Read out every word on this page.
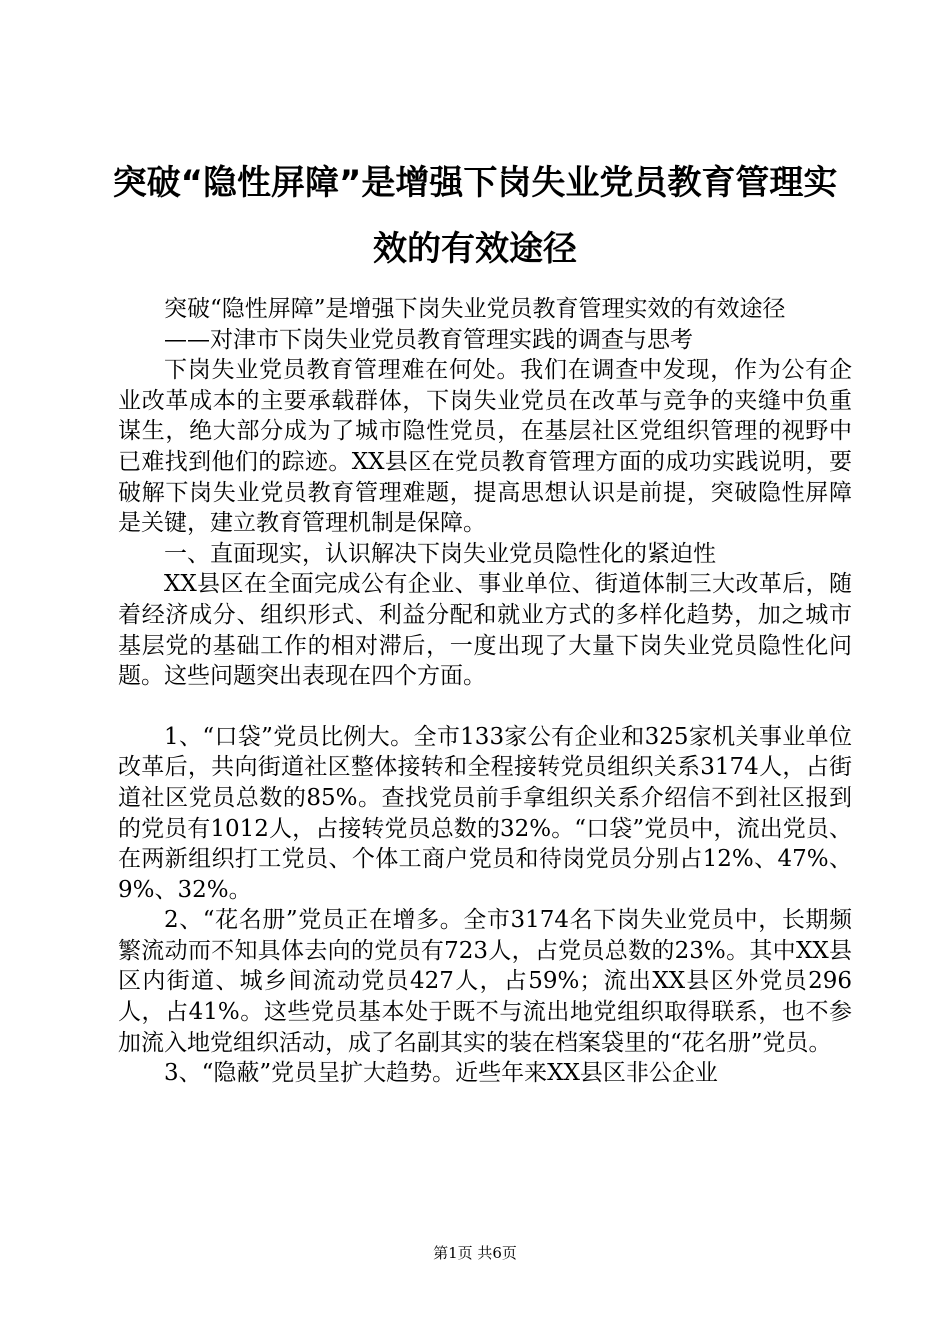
突破“隐性屏障”是增强下岗失业党员教育管理实效的有效途径

突破“隐性屏障”是增强下岗失业党员教育管理实效的有效途径

——对津市下岗失业党员教育管理实践的调查与思考

下岗失业党员教育管理难在何处。我们在调查中发现，作为公有企业改革成本的主要承载群体，下岗失业党员在改革与竞争的夹缝中负重谋生，绝大部分成为了城市隐性党员，在基层社区党组织管理的视野中已难找到他们的踪迹。XX县区在党员教育管理方面的成功实践说明，要破解下岗失业党员教育管理难题，提高思想认识是前提，突破隐性屏障是关键，建立教育管理机制是保障。

一、直面现实，认识解决下岗失业党员隐性化的紧迫性

XX县区在全面完成公有企业、事业单位、街道体制三大改革后，随着经济成分、组织形式、利益分配和就业方式的多样化趋势，加之城市基层党的基础工作的相对滞后，一度出现了大量下岗失业党员隐性化问题。这些问题突出表现在四个方面。

1、“口袋”党员比例大。全市133家公有企业和325家机关事业单位改革后，共向街道社区整体接转和全程接转党员组织关系3174人，占街道社区党员总数的85%。查找党员前手拿组织关系介绍信不到社区报到的党员有1012人，占接转党员总数的32%。“口袋”党员中，流出党员、在两新组织打工党员、个体工商户党员和待岗党员分别占12%、47%、9%、32%。

2、“花名册”党员正在增多。全市3174名下岗失业党员中，长期频繁流动而不知具体去向的党员有723人，占党员总数的23%。其中XX县区内街道、城乡间流动党员427人，占59%；流出XX县区外党员296人，占41%。这些党员基本处于既不与流出地党组织取得联系，也不参加流入地党组织活动，成了名副其实的装在档案袋里的“花名册”党员。

3、“隐蔽”党员呈扩大趋势。近些年来XX县区非公企业

第1页 共6页
